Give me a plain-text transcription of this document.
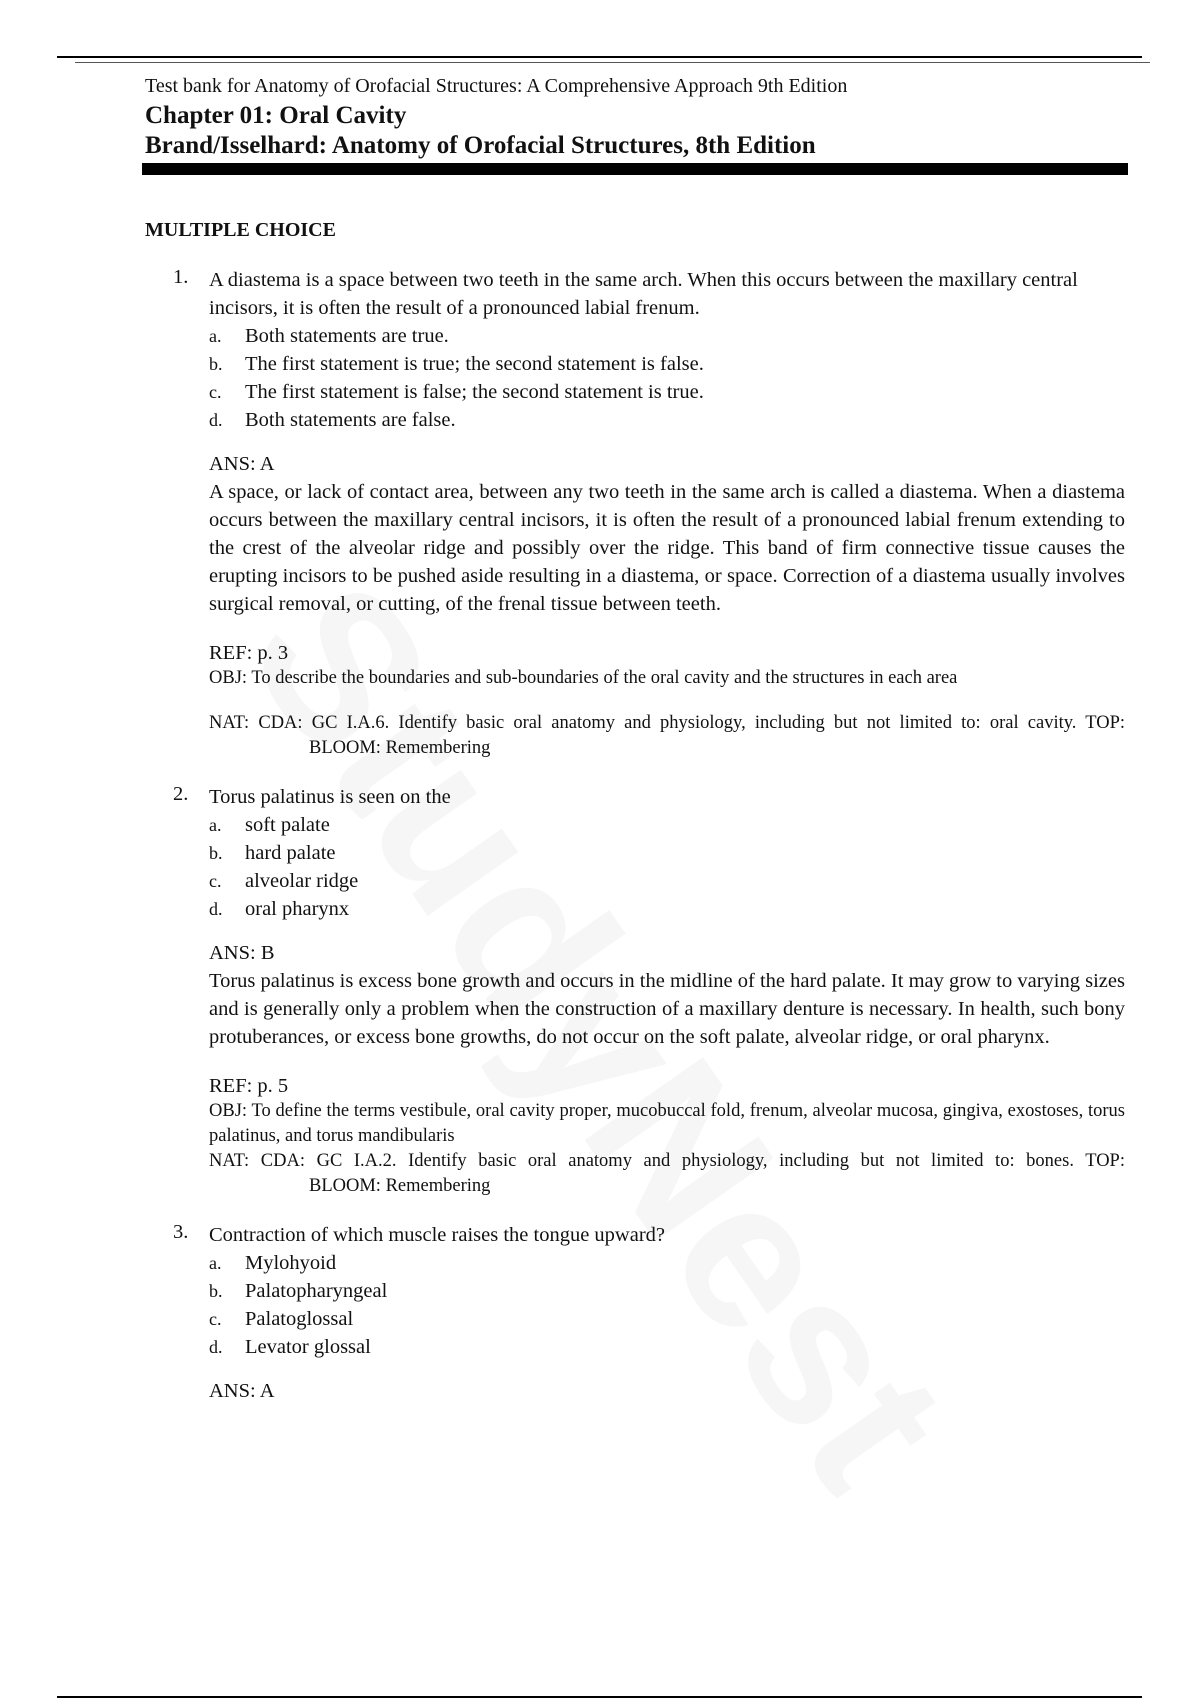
Test bank for Anatomy of Orofacial Structures: A Comprehensive Approach 9th Edition
Chapter 01: Oral Cavity
Brand/Isselhard: Anatomy of Orofacial Structures, 8th Edition
MULTIPLE CHOICE
1. A diastema is a space between two teeth in the same arch. When this occurs between the maxillary central incisors, it is often the result of a pronounced labial frenum.
a. Both statements are true.
b. The first statement is true; the second statement is false.
c. The first statement is false; the second statement is true.
d. Both statements are false.
ANS: A
A space, or lack of contact area, between any two teeth in the same arch is called a diastema. When a diastema occurs between the maxillary central incisors, it is often the result of a pronounced labial frenum extending to the crest of the alveolar ridge and possibly over the ridge. This band of firm connective tissue causes the erupting incisors to be pushed aside resulting in a diastema, or space. Correction of a diastema usually involves surgical removal, or cutting, of the frenal tissue between teeth.
REF: p. 3
OBJ: To describe the boundaries and sub-boundaries of the oral cavity and the structures in each area
NAT: CDA: GC I.A.6. Identify basic oral anatomy and physiology, including but not limited to: oral cavity. TOP: BLOOM: Remembering
2. Torus palatinus is seen on the
a. soft palate
b. hard palate
c. alveolar ridge
d. oral pharynx
ANS: B
Torus palatinus is excess bone growth and occurs in the midline of the hard palate. It may grow to varying sizes and is generally only a problem when the construction of a maxillary denture is necessary. In health, such bony protuberances, or excess bone growths, do not occur on the soft palate, alveolar ridge, or oral pharynx.
REF: p. 5
OBJ: To define the terms vestibule, oral cavity proper, mucobuccal fold, frenum, alveolar mucosa, gingiva, exostoses, torus palatinus, and torus mandibularis
NAT: CDA: GC I.A.2. Identify basic oral anatomy and physiology, including but not limited to: bones. TOP: BLOOM: Remembering
3. Contraction of which muscle raises the tongue upward?
a. Mylohyoid
b. Palatopharyngeal
c. Palatoglossal
d. Levator glossal
ANS: A
